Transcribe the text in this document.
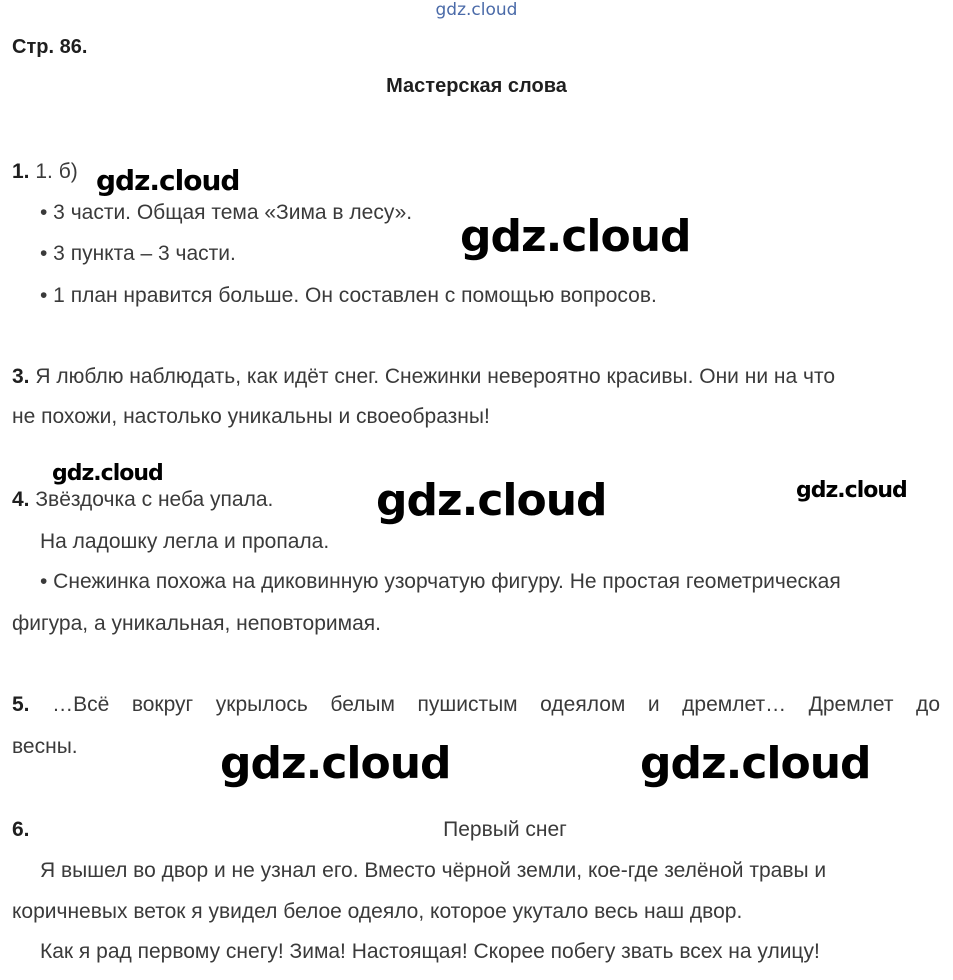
gdz.cloud
Стр. 86.
Мастерская слова
1. 1. б)
• 3 части. Общая тема «Зима в лесу».
• 3 пункта – 3 части.
• 1 план нравится больше. Он составлен с помощью вопросов.
3. Я люблю наблюдать, как идёт снег. Снежинки невероятно красивы. Они ни на что
не похожи, настолько уникальны и своеобразны!
4. Звёздочка с неба упала.
На ладошку легла и пропала.
• Снежинка похожа на диковинную узорчатую фигуру. Не простая геометрическая
фигура, а уникальная, неповторимая.
5. …Всё вокруг укрылось белым пушистым одеялом и дремлет… Дремлет до
весны.
6.	Первый снег
Я вышел во двор и не узнал его. Вместо чёрной земли, кое-где зелёной травы и
коричневых веток я увидел белое одеяло, которое укутало весь наш двор.
Как я рад первому снегу! Зима! Настоящая! Скорее побегу звать всех на улицу!
gdz.cloud
gdz.cloud
gdz.cloud
gdz.cloud	gdz.cloud
gdz.cloud	gdz.cloud
